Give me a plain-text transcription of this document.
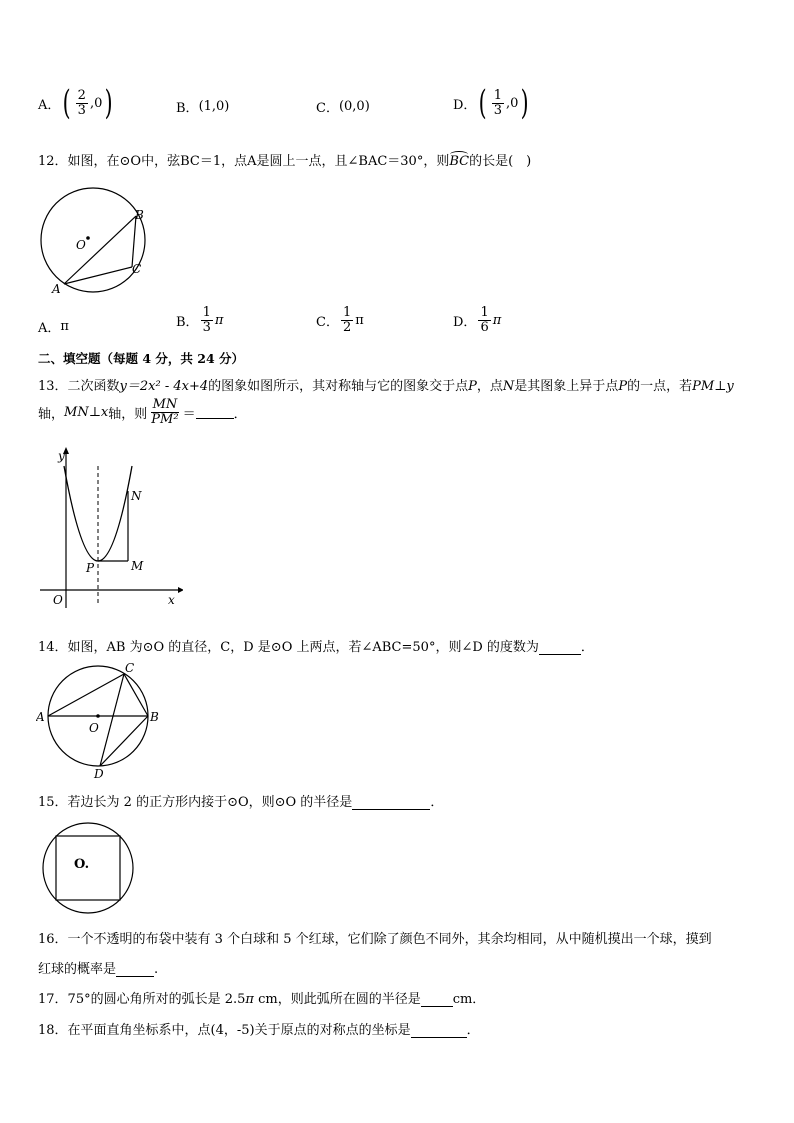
A． ( $\frac{2}{3} ,0$ )	B． (1,0)	C． (0,0)	D． ( $\frac{1}{3} ,0$ )
12．如图，在⊙O中，弦BC＝1，点A是圆上一点，且∠BAC＝30°，则
BC的长是(　)
O
A
B
C
A． π	B． $\frac{1}{3}$ π	C． $\frac{1}{2}$ π	D． $\frac{1}{6}$ π
二、填空题（每题 4 分，共 24 分）
13．二次函数y＝2x² - 4x+4的图象如图所示，其对称轴与它的图象交于点P，点N是其图象上异于点P的一点，若PM⊥y
轴， MN⊥x 轴，则 $\frac{MN}{\text{PM²}}$ ＝	．
y
x
O
P	M
N
14．如图，AB 为⊙O 的直径，C，D 是⊙O 上两点，若∠ABC=50°，则∠D 的度数为	．
A	B
C
D
O
15．若边长为 2 的正方形内接于⊙O，则⊙O 的半径是	．
O.
16．一个不透明的布袋中装有 3 个白球和 5 个红球，它们除了颜色不同外，其余均相同，从中随机摸出一个球，摸到
红球的概率是	.
17．75°的圆心角所对的弧长是 2.5π cm，则此弧所在圆的半径是 cm．
18．在平面直角坐标系中，点(4，-5)关于原点的对称点的坐标是	．
